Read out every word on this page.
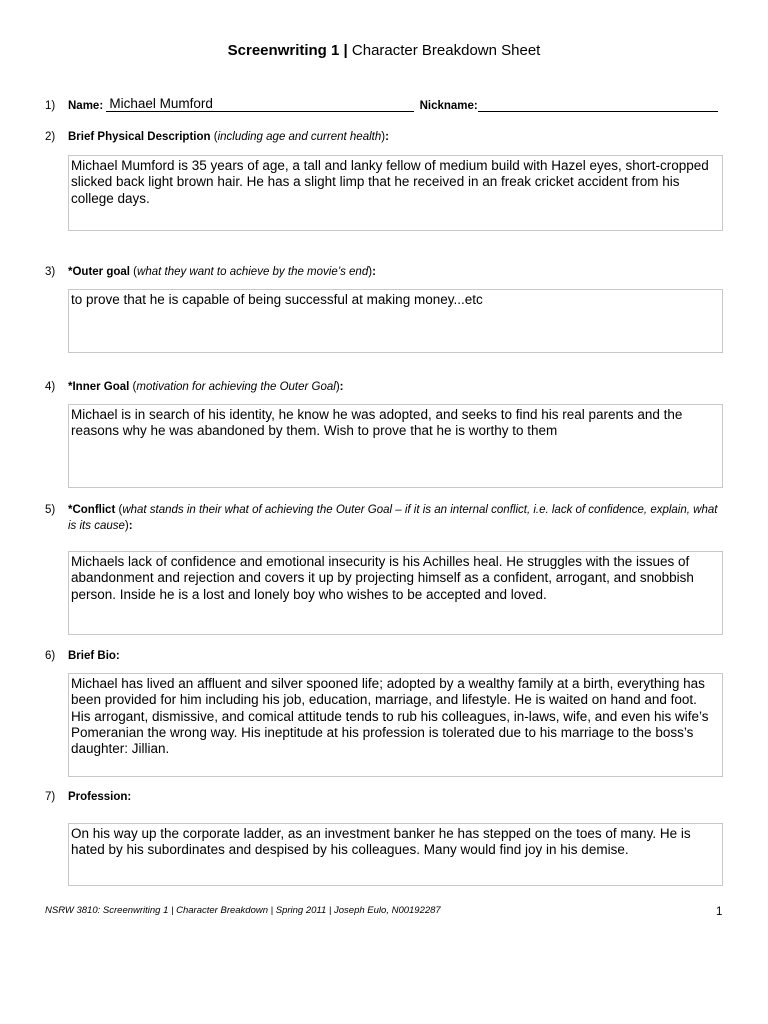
Screenwriting 1 | Character Breakdown Sheet
1) Name: Michael Mumford	Nickname:
2) Brief Physical Description (including age and current health):
Michael Mumford is 35 years of age, a tall and lanky fellow of medium build with Hazel eyes, short-cropped slicked back light brown hair. He has a slight limp that he received in an freak cricket accident from his college days.
3) *Outer goal (what they want to achieve by the movie’s end):
to prove that he is capable of being successful at making money...etc
4) *Inner Goal (motivation for achieving the Outer Goal):
Michael is in search of his identity, he know he was adopted, and seeks to find his real parents and the reasons why he was abandoned by them. Wish to prove that he is worthy to them
5)	*Conflict (what stands in their what of achieving the Outer Goal – if it is an internal conflict, i.e. lack of confidence, explain, what is its cause):
Michaels lack of confidence and emotional insecurity is his Achilles heal. He struggles with the issues of abandonment and rejection and covers it up by projecting himself as a confident, arrogant, and snobbish person. Inside he is a lost and lonely boy who wishes to be accepted and loved.
6) Brief Bio:
Michael has lived an affluent and silver spooned life; adopted by a wealthy family at a birth, everything has been provided for him including his job, education, marriage, and lifestyle. He is waited on hand and foot. His arrogant, dismissive, and comical attitude tends to rub his colleagues, in-laws, wife, and even his wife’s Pomeranian the wrong way. His ineptitude at his profession is tolerated due to his marriage to the boss’s daughter: Jillian.
7) Profession:
On his way up the corporate ladder, as an investment banker he has stepped on the toes of many. He is hated by his subordinates and despised by his colleagues. Many would find joy in his demise.
NSRW 3810: Screenwriting 1 | Character Breakdown | Spring 2011 | Joseph Eulo, N00192287	1
